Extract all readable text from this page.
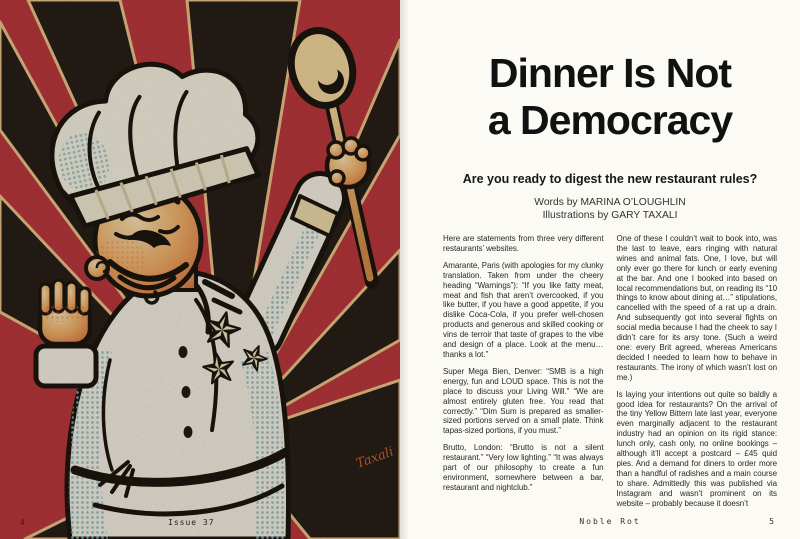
Taxali
4	Issue 37
Dinner Is Not
a Democracy

Are you ready to digest the new restaurant rules?

Words by MARINA O’LOUGHLIN
Illustrations by GARY TAXALI

Here are statements from three very different restaurants’ websites.

Amarante, Paris (with apologies for my clunky translation. Taken from under the cheery heading “Warnings”): “If you like fatty meat, meat and fish that aren’t overcooked, if you like butter, if you have a good appetite, if you dislike Coca-Cola, if you prefer well-chosen products and generous and skilled cooking or vins de terroir that taste of grapes to the vibe and design of a place. Look at the menu… thanks a lot.”

Super Mega Bien, Denver: “SMB is a high energy, fun and LOUD space. This is not the place to discuss your Living Will.” “We are almost entirely gluten free. You read that correctly.” “Dim Sum is prepared as smaller-sized portions served on a small plate. Think tapas-sized portions, if you must.”

Brutto, London: “Brutto is not a silent restaurant.” “Very low lighting.” “It was always part of our philosophy to create a fun environment, somewhere between a bar, restaurant and nightclub.”

One of these I couldn’t wait to book into, was the last to leave, ears ringing with natural wines and animal fats. One, I love, but will only ever go there for lunch or early evening at the bar. And one I booked into based on local recommendations but, on reading its “10 things to know about dining at…” stipulations, cancelled with the speed of a rat up a drain. And subsequently got into several fights on social media because I had the cheek to say I didn’t care for its arsy tone. (Such a weird one: every Brit agreed, whereas Americans decided I needed to learn how to behave in restaurants. The irony of which wasn’t lost on me.)

Is laying your intentions out quite so baldly a good idea for restaurants? On the arrival of the tiny Yellow Bittern late last year, everyone even marginally adjacent to the restaurant industry had an opinion on its rigid stance: lunch only, cash only, no online bookings – although it’ll accept a postcard – £45 quid pies. And a demand for diners to order more than a handful of radishes and a main course to share. Admittedly this was published via Instagram and wasn’t prominent on its website – probably because it doesn’t

Noble Rot	5
